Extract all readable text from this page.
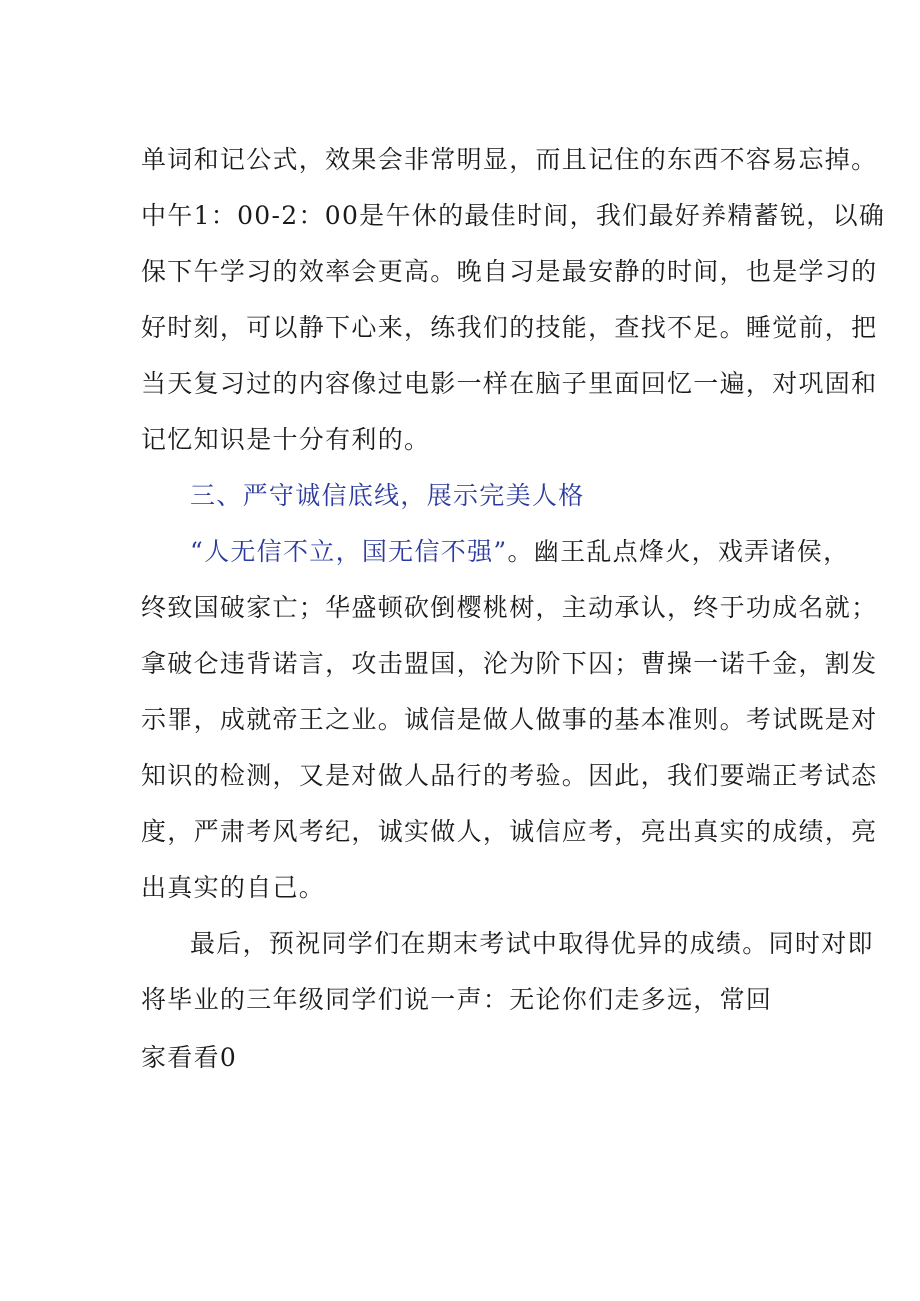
单词和记公式，效果会非常明显，而且记住的东西不容易忘掉。
中午1：00-2：00是午休的最佳时间，我们最好养精蓄锐，以确
保下午学习的效率会更高。晚自习是最安静的时间，也是学习的
好时刻，可以静下心来，练我们的技能，查找不足。睡觉前，把
当天复习过的内容像过电影一样在脑子里面回忆一遍，对巩固和
记忆知识是十分有利的。
三、严守诚信底线，展示完美人格
“人无信不立，国无信不强”。幽王乱点烽火，戏弄诸侯，
终致国破家亡；华盛顿砍倒樱桃树，主动承认，终于功成名就；
拿破仑违背诺言，攻击盟国，沦为阶下囚；曹操一诺千金，割发
示罪，成就帝王之业。诚信是做人做事的基本准则。考试既是对
知识的检测，又是对做人品行的考验。因此，我们要端正考试态
度，严肃考风考纪，诚实做人，诚信应考，亮出真实的成绩，亮
出真实的自己。
最后，预祝同学们在期末考试中取得优异的成绩。同时对即
将毕业的三年级同学们说一声：无论你们走多远，常回
家看看0
